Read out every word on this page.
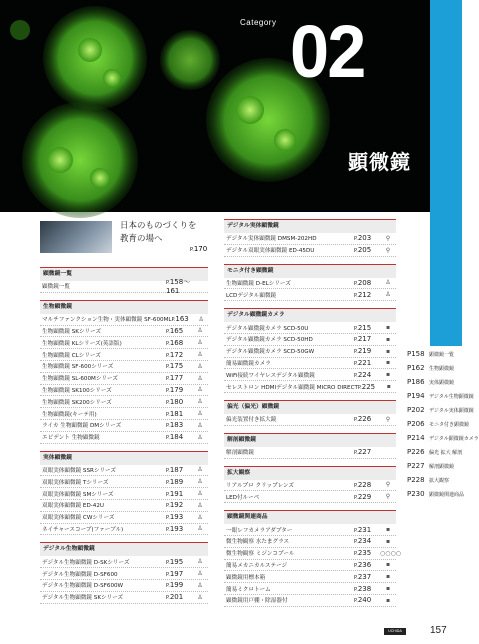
Category 02
顕微鏡
日本のものづくりを
教育の場へ
P.170
顕微鏡一覧
顕微鏡一覧
P.158～161
生物顕微鏡
マルチファンクション生物・実体顕微鏡 SF-600ML P.163	♙
生物顕微鏡 SKシリーズ	P.165	♙
生物顕微鏡 KLシリーズ(英語版)	P.168	♙
生物顕微鏡 CLシリーズ	P.172	♙
生物顕微鏡 SF-600シリーズ	P.175	♙
生物顕微鏡 SL-600Mシリーズ	P.177	♙
生物顕微鏡 SK100シリーズ	P.179	♙
生物顕微鏡 SK200シリーズ	P.180	♙
生物顕微鏡(キーテ用)	P.181	♙
ライカ 生物顕微鏡 DMシリーズ	P.183	♙
エビデント 生物顕微鏡	P.184	♙
実体顕微鏡
双眼実体顕微鏡 SSRシリーズ	P.187	♙
双眼実体顕微鏡 Tシリーズ	P.189	♙
双眼実体顕微鏡 SMシリーズ	P.191	♙
双眼実体顕微鏡 ED-42U	P.192	♙
双眼実体顕微鏡 CWシリーズ	P.193	♙
ネイチャースコープ(ファーブル)	P.193	♙
デジタル生物顕微鏡
デジタル生物顕微鏡 D-SKシリーズ	P.195	♙
デジタル生物顕微鏡 D-SF600	P.197	♙
デジタル生物顕微鏡 D-SF600W	P.199	♙
デジタル生物顕微鏡 SKシリーズ	P.201	♙
デジタル実体顕微鏡
デジタル実体顕微鏡 DMSM-202HD	P.203	⚲
デジタル双眼実体顕微鏡 ED-45DU	P.205	⚲
モニタ付き顕微鏡
生物顕微鏡 D-ELシリーズ	P.208	♙
LCDデジタル顕微鏡	P.212	♙
デジタル顕微鏡カメラ
デジタル顕微鏡カメラ SCD-50U	P.215	▪
デジタル顕微鏡カメラ SCD-50HD	P.217	▪
デジタル顕微鏡カメラ SCD-50GW	P.219	▪
簡易顕微鏡カメラ	P.221	▪
WiFi接続ワイヤレスデジタル顕微鏡	P.224	▪
セレストロン HDMIデジタル顕微鏡 MICRO DIRECT P.225	▪
偏光（偏光）顕微鏡
偏光装置付き拡大鏡	P.226	⚲
解剖顕微鏡
解剖顕微鏡	P.227
拡大観察
リアルプロ クリップレンズ	P.228	⚲
LED付ルーペ	P.229	⚲
顕微鏡関連商品
一眼レフカメラアダプター	P.231	▪
微生物観察 水たまグラス	P.234	▪
微生物観察 ミジンコプール	P.235	○○○○
簡易メカニカルステージ	P.236	▪
顕微鏡用標本箱	P.237	▪
簡易ミクロトーム	P.238	▪
顕微鏡用戸棚・除湿器付	P.240	▪
P158 顕微鏡一覧
P162 生物顕微鏡
P186 実体顕微鏡
P194 デジタル生物顕微鏡
P202 デジタル実体顕微鏡
P206 モニタ付き顕微鏡
P214 デジタル顕微鏡カメラ
P226 偏光 拡大 解剖
P227 解剖顕微鏡
P228 拡大観察
P230 顕微鏡関連商品
UCHIDA	157
